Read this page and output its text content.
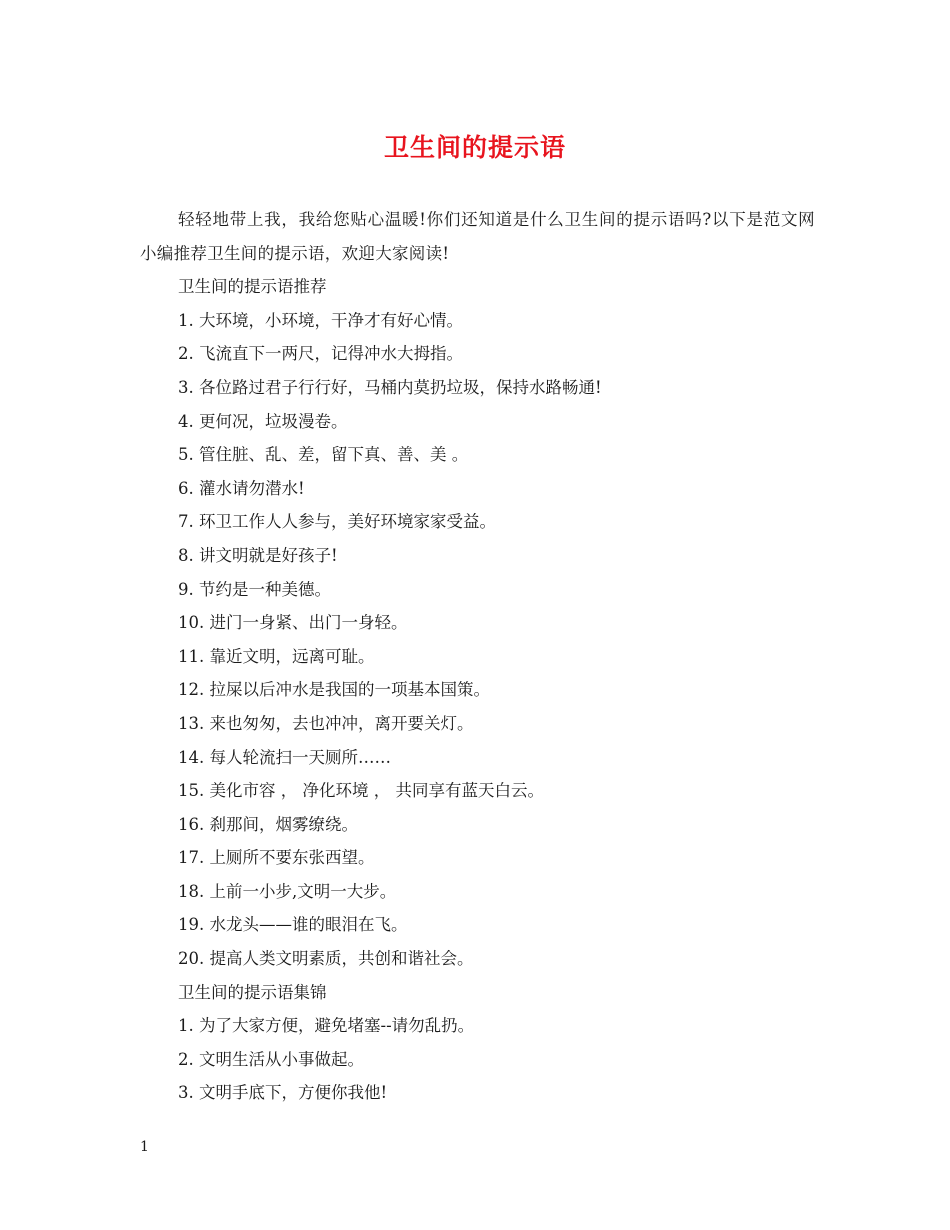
卫生间的提示语

轻轻地带上我，我给您贴心温暖!你们还知道是什么卫生间的提示语吗?以下是范文网小编推荐卫生间的提示语，欢迎大家阅读!

卫生间的提示语推荐

1. 大环境，小环境，干净才有好心情。

2. 飞流直下一两尺，记得冲水大拇指。

3. 各位路过君子行行好，马桶内莫扔垃圾，保持水路畅通!

4. 更何况，垃圾漫卷。

5. 管住脏、乱、差，留下真、善、美 。

6. 灌水请勿潜水!

7. 环卫工作人人参与，美好环境家家受益。

8. 讲文明就是好孩子!

9. 节约是一种美德。

10. 进门一身紧、出门一身轻。

11. 靠近文明，远离可耻。

12. 拉屎以后冲水是我国的一项基本国策。

13. 来也匆匆，去也冲冲，离开要关灯。

14. 每人轮流扫一天厕所……

15. 美化市容 ， 净化环境 ， 共同享有蓝天白云。

16. 刹那间，烟雾缭绕。

17. 上厕所不要东张西望。

18. 上前一小步,文明一大步。

19. 水龙头——谁的眼泪在飞。

20. 提高人类文明素质，共创和谐社会。

卫生间的提示语集锦

1. 为了大家方便，避免堵塞--请勿乱扔。

2. 文明生活从小事做起。

3. 文明手底下，方便你我他!

1
